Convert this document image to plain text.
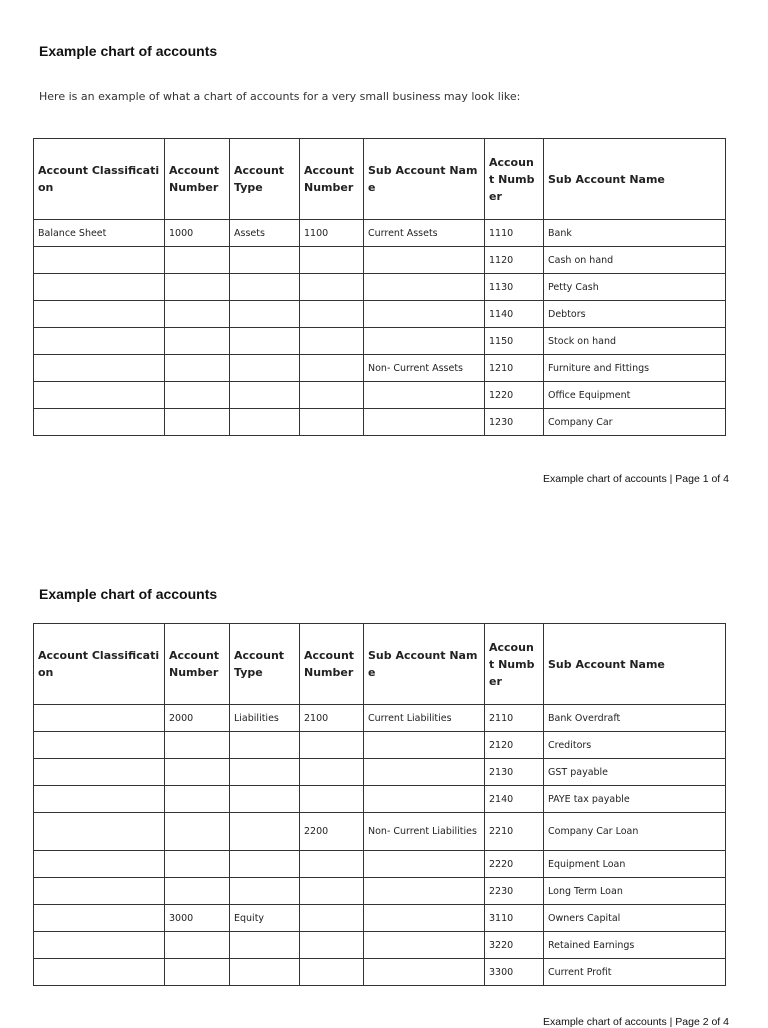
Example chart of accounts

Here is an example of what a chart of accounts for a very small business may look like:

Account Classification	Account Number	Account Type	Account Number	Sub Account Name	Account Number	Sub Account Name
Balance Sheet	1000	Assets	1100	Current Assets	1110	Bank
					1120	Cash on hand
					1130	Petty Cash
					1140	Debtors
					1150	Stock on hand
				Non- Current Assets	1210	Furniture and Fittings
					1220	Office Equipment
					1230	Company Car

Example chart of accounts | Page 1 of 4

Example chart of accounts
Account Classification	Account Number	Account Type	Account Number	Sub Account Name	Account Number	Sub Account Name
	2000	Liabilities	2100	Current Liabilities	2110	Bank Overdraft
					2120	Creditors
					2130	GST payable
					2140	PAYE tax payable
			2200	Non- Current Liabilities	2210	Company Car Loan
					2220	Equipment Loan
					2230	Long Term Loan
	3000	Equity			3110	Owners Capital
					3220	Retained Earnings
					3300	Current Profit

Example chart of accounts | Page 2 of 4
